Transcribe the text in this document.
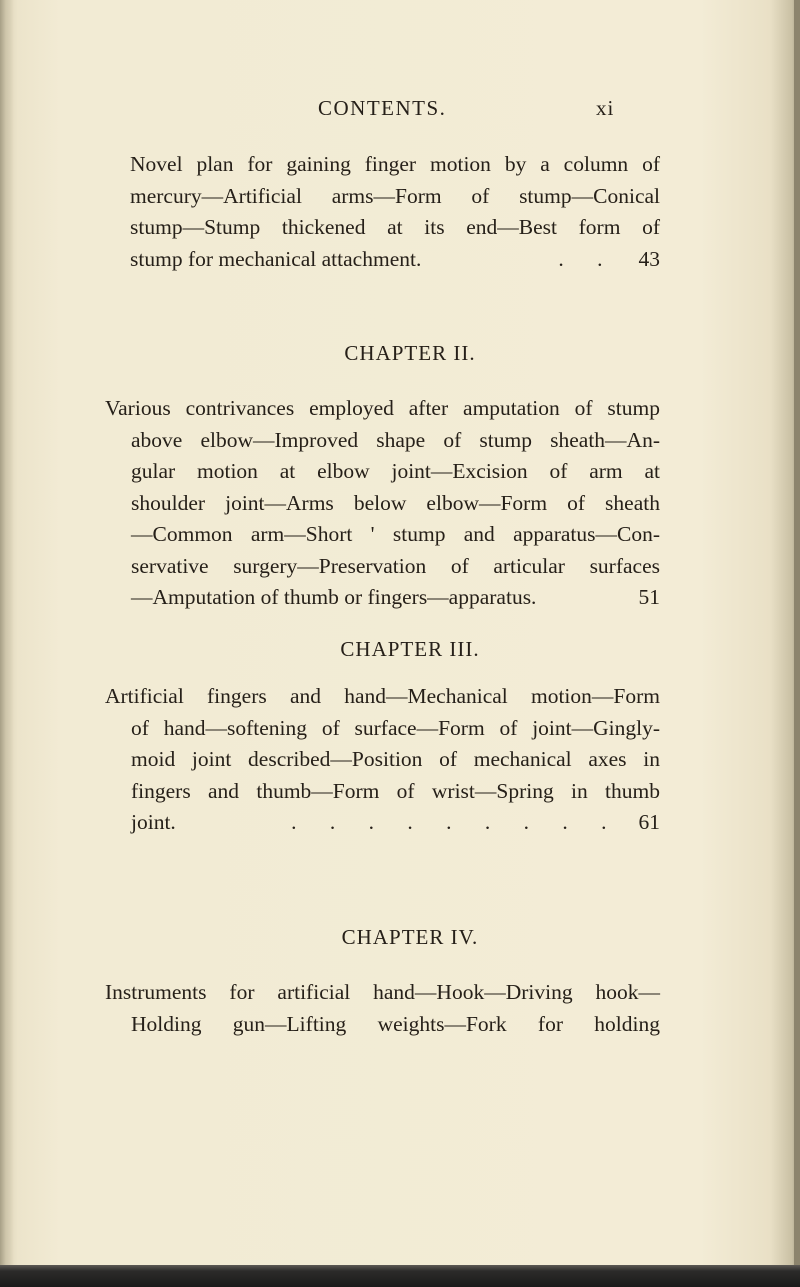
CONTENTS.	xi
Novel plan for gaining finger motion by a column of
mercury—Artificial arms—Form of stump—Conical
stump—Stump thickened at its end—Best form of
stump for mechanical attachment.	. . 43
CHAPTER II.
Various contrivances employed after amputation of stump
above elbow—Improved shape of stump sheath—An-
gular motion at elbow joint—Excision of arm at
shoulder joint—Arms below elbow—Form of sheath
—Common arm—Short ' stump and apparatus—Con-
servative surgery—Preservation of articular surfaces
—Amputation of thumb or fingers—apparatus.	51
CHAPTER III.
Artificial fingers and hand—Mechanical motion—Form
of hand—softening of surface—Form of joint—Gingly-
moid joint described—Position of mechanical axes in
fingers and thumb—Form of wrist—Spring in thumb
joint.	. . . . . . . . . 61
CHAPTER IV.
Instruments for artificial hand—Hook—Driving hook—
Holding gun—Lifting weights—Fork for holding
